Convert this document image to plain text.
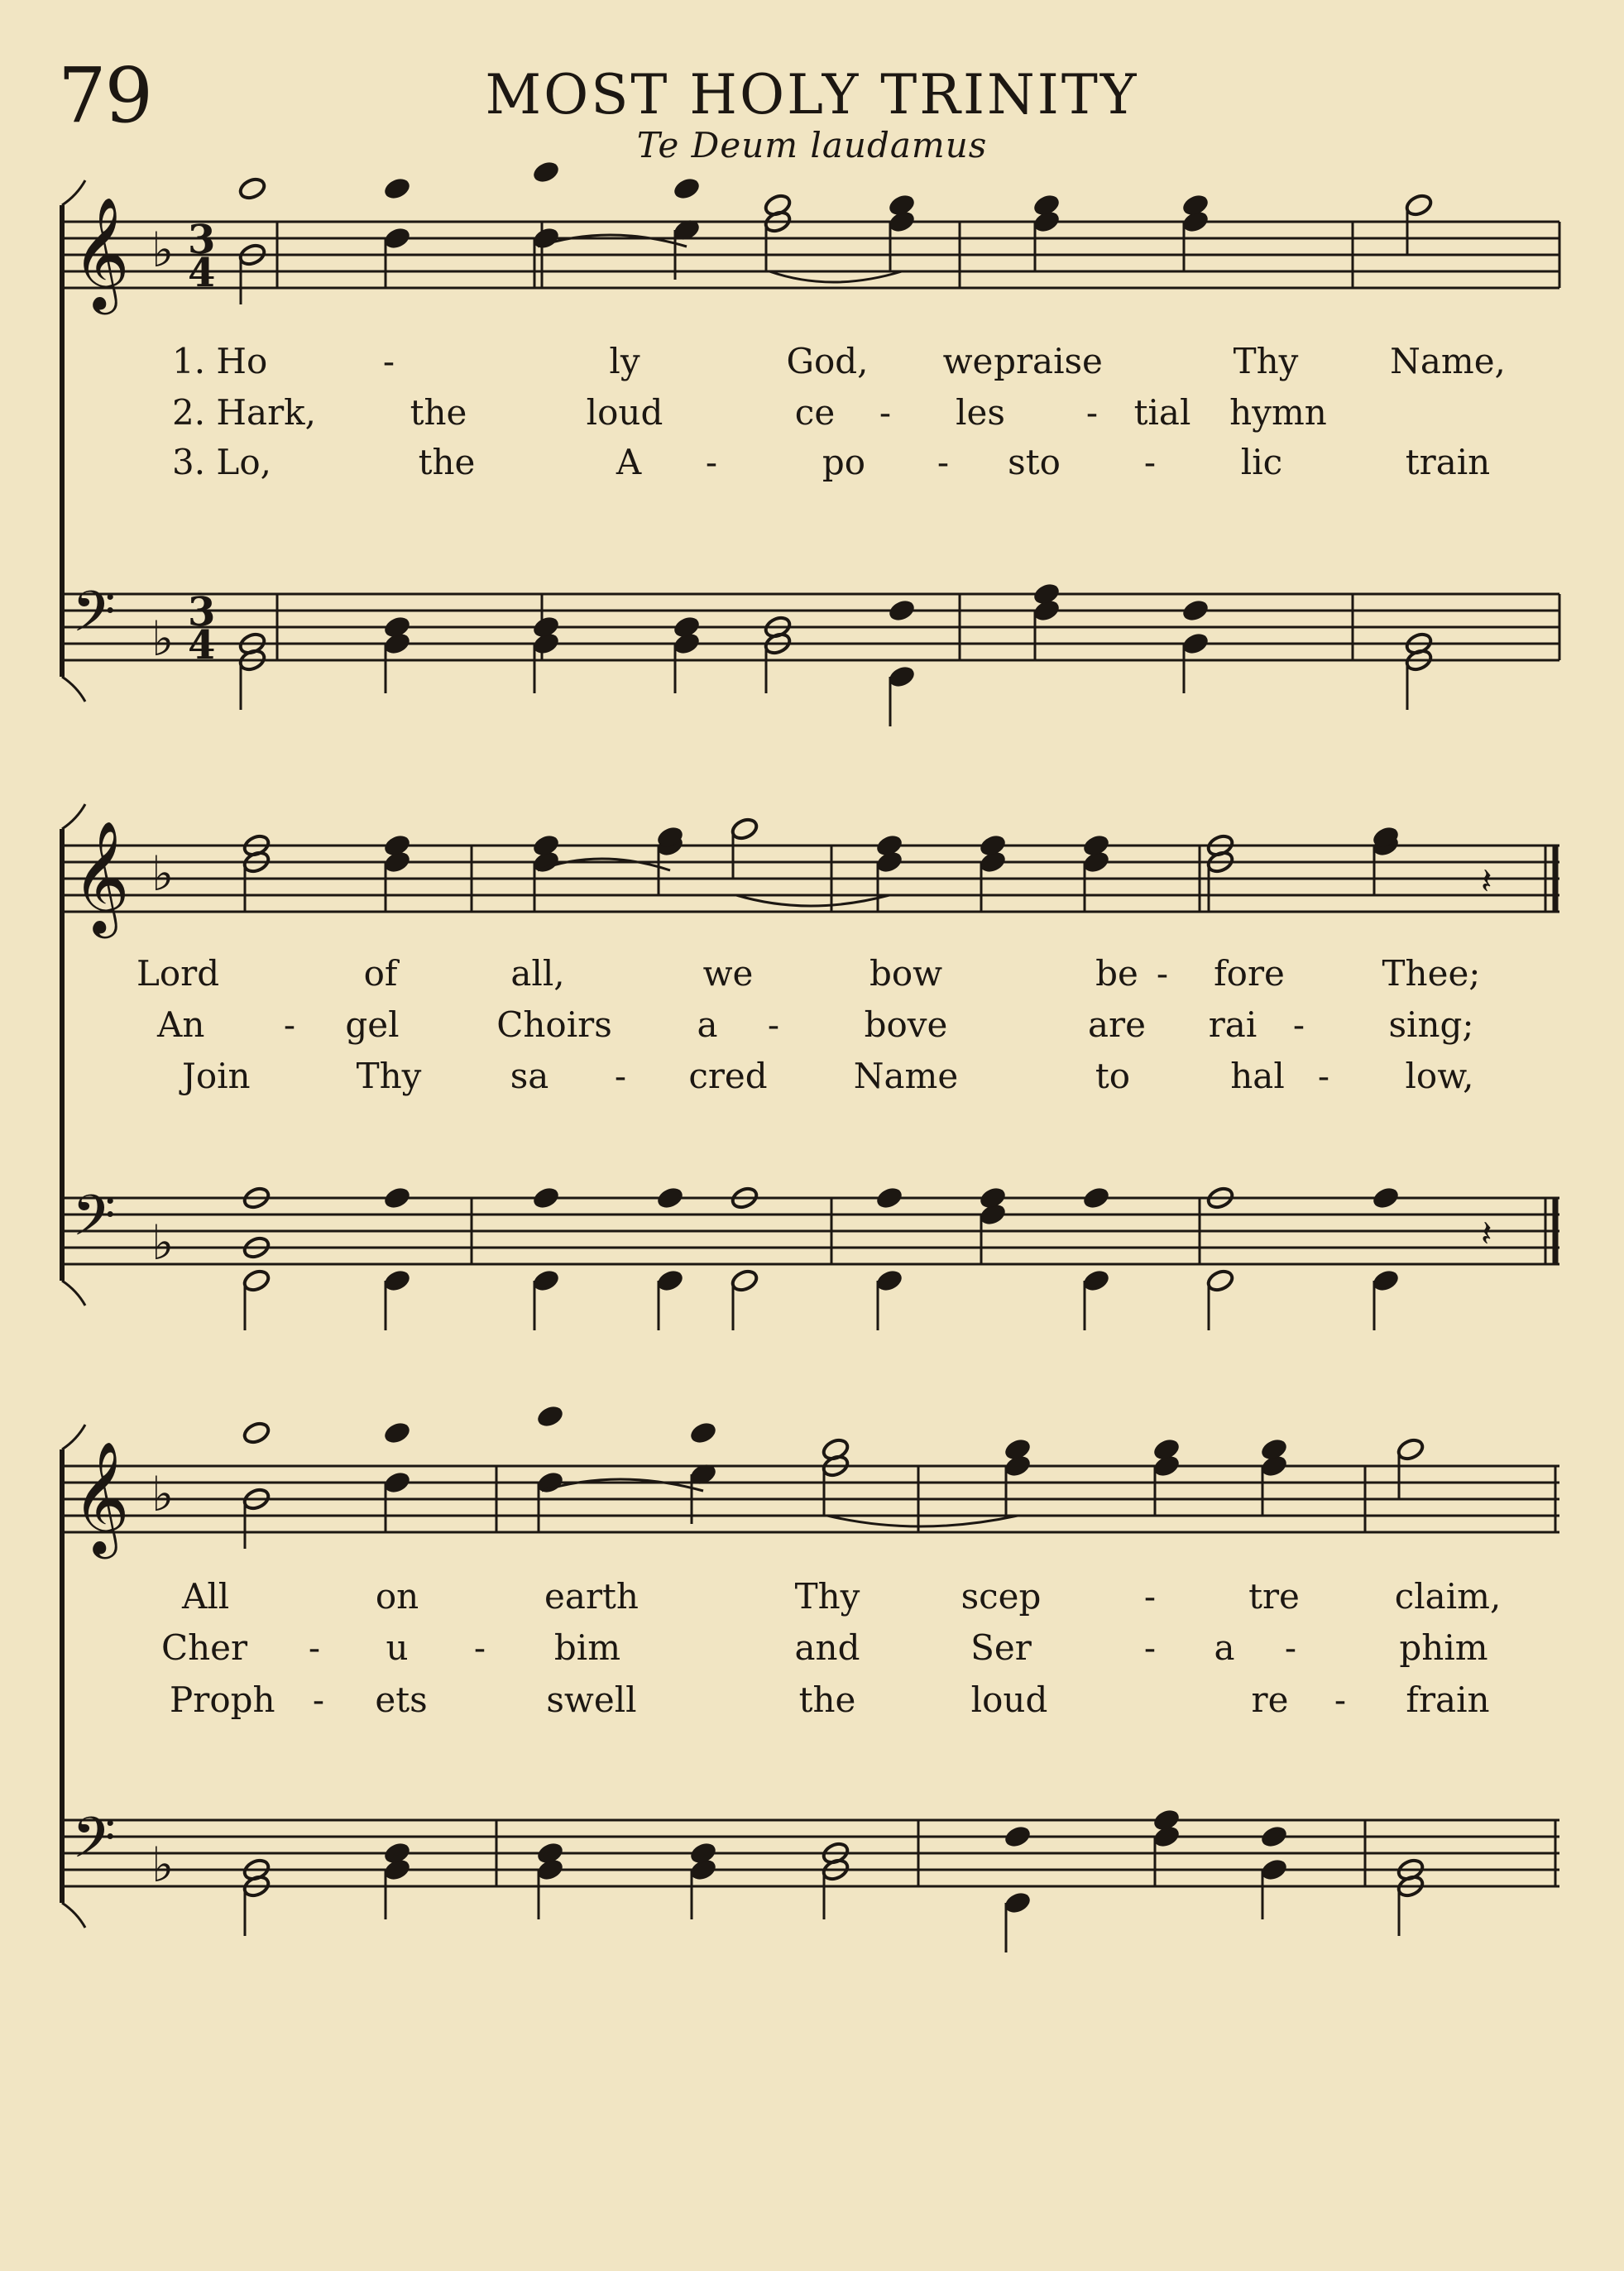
79	MOST HOLY TRINITY
Te Deum laudamus
𝄞 ♭ 3
4
𝄢 ♭ 3
4
𝄞 ♭
𝄢 ♭
𝄽
𝄽
𝄞 ♭
𝄢 ♭
1. Ho	-	ly	God, we praise	Thy	Name,
2. Hark,	the	loud	ce - les - tial hymn
3. Lo,	the	A -	po - sto - lic	train
Lord	of	all,	we	bow	be - fore	Thee;
An - gel	Choirs a - bove	are rai - sing;
Join	Thy	sa - cred Name	to	hal - low,
All	on	earth	Thy	scep	-	tre	claim,
Cher - u - bim	and	Ser	- a -	phim
Proph - ets	swell	the	loud	re - frain
